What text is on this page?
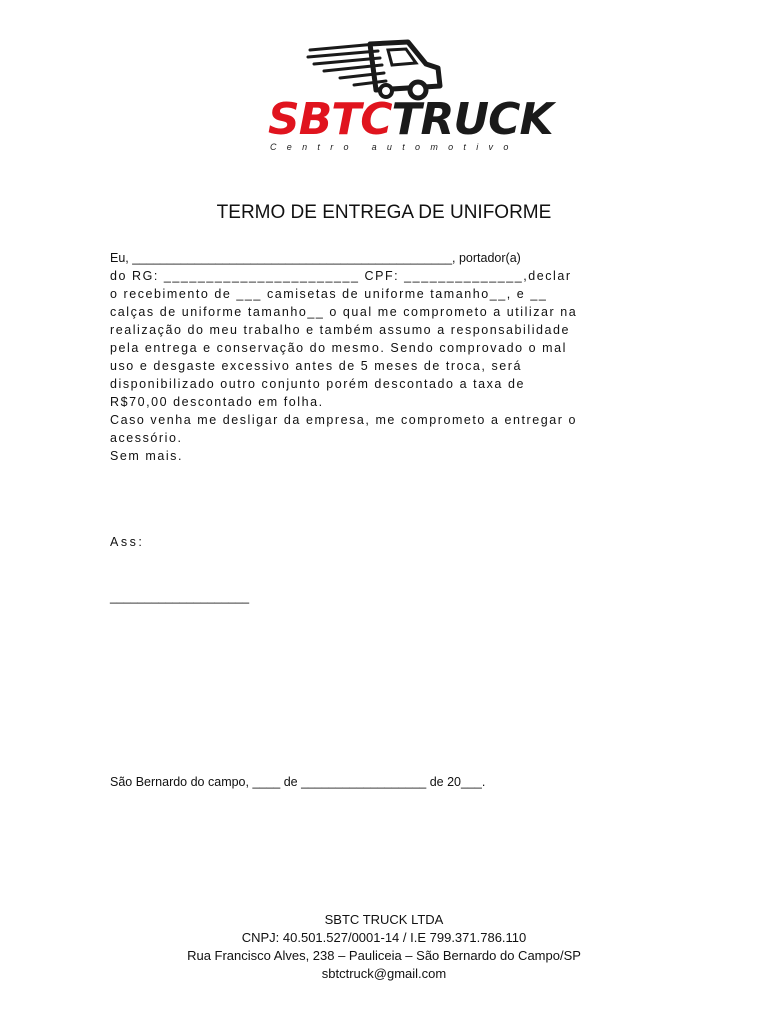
SBTCTRUCK
Centro automotivo
TERMO DE ENTREGA DE UNIFORME
Eu, ______________________________________________, portador(a)
do RG: _______________________ CPF: ______________,declar
o recebimento de ___ camisetas de uniforme tamanho__, e __
calças de uniforme tamanho__ o qual me comprometo a utilizar na
realização do meu trabalho e também assumo a responsabilidade
pela entrega e conservação do mesmo. Sendo comprovado o mal
uso e desgaste excessivo antes de 5 meses de troca, será
disponibilizado outro conjunto porém descontado a taxa de
R$70,00 descontado em folha.
Caso venha me desligar da empresa, me comprometo a entregar o
acessório.
Sem mais.
Ass:
____________________
São Bernardo do campo, ____ de __________________ de 20___.
SBTC TRUCK LTDA
CNPJ: 40.501.527/0001-14 / I.E 799.371.786.110
Rua Francisco Alves, 238 – Pauliceia – São Bernardo do Campo/SP
sbtctruck@gmail.com
